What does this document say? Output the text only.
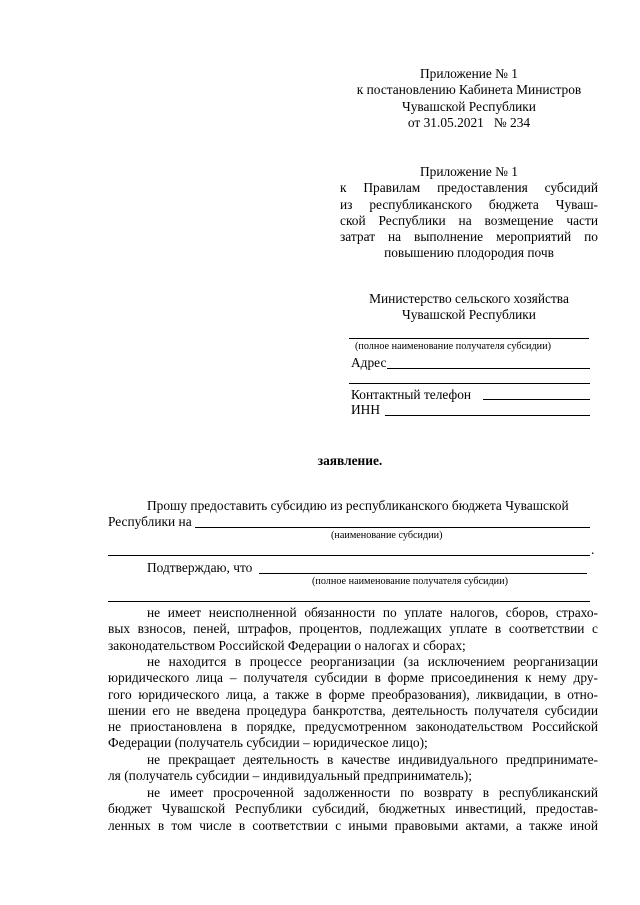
Приложение № 1
к постановлению Кабинета Министров
Чувашской Республики
от 31.05.2021   № 234
Приложение № 1
к Правилам предоставления субсидий
из республиканского бюджета Чуваш-
ской Республики на возмещение части
затрат на выполнение мероприятий по
повышению плодородия почв
Министерство сельского хозяйства
Чувашской Республики
(полное наименование получателя субсидии)
Адрес
Контактный телефон
ИНН
заявление.
Прошу предоставить субсидию из республиканского бюджета Чувашской
Республики на
(наименование субсидии)
.
Подтверждаю, что
(полное наименование получателя субсидии)
не имеет неисполненной обязанности по уплате налогов, сборов, страхо-
вых взносов, пеней, штрафов, процентов, подлежащих уплате в соответствии с
законодательством Российской Федерации о налогах и сборах;
не находится в процессе реорганизации (за исключением реорганизации
юридического лица – получателя субсидии в форме присоединения к нему дру-
гого юридического лица, а также в форме преобразования), ликвидации, в отно-
шении его не введена процедура банкротства, деятельность получателя субсидии
не приостановлена в порядке, предусмотренном законодательством Российской
Федерации (получатель субсидии – юридическое лицо);
не прекращает деятельность в качестве индивидуального предпринимате-
ля (получатель субсидии – индивидуальный предприниматель);
не имеет просроченной задолженности по возврату в республиканский
бюджет Чувашской Республики субсидий, бюджетных инвестиций, предостав-
ленных в том числе в соответствии с иными правовыми актами, а также иной
